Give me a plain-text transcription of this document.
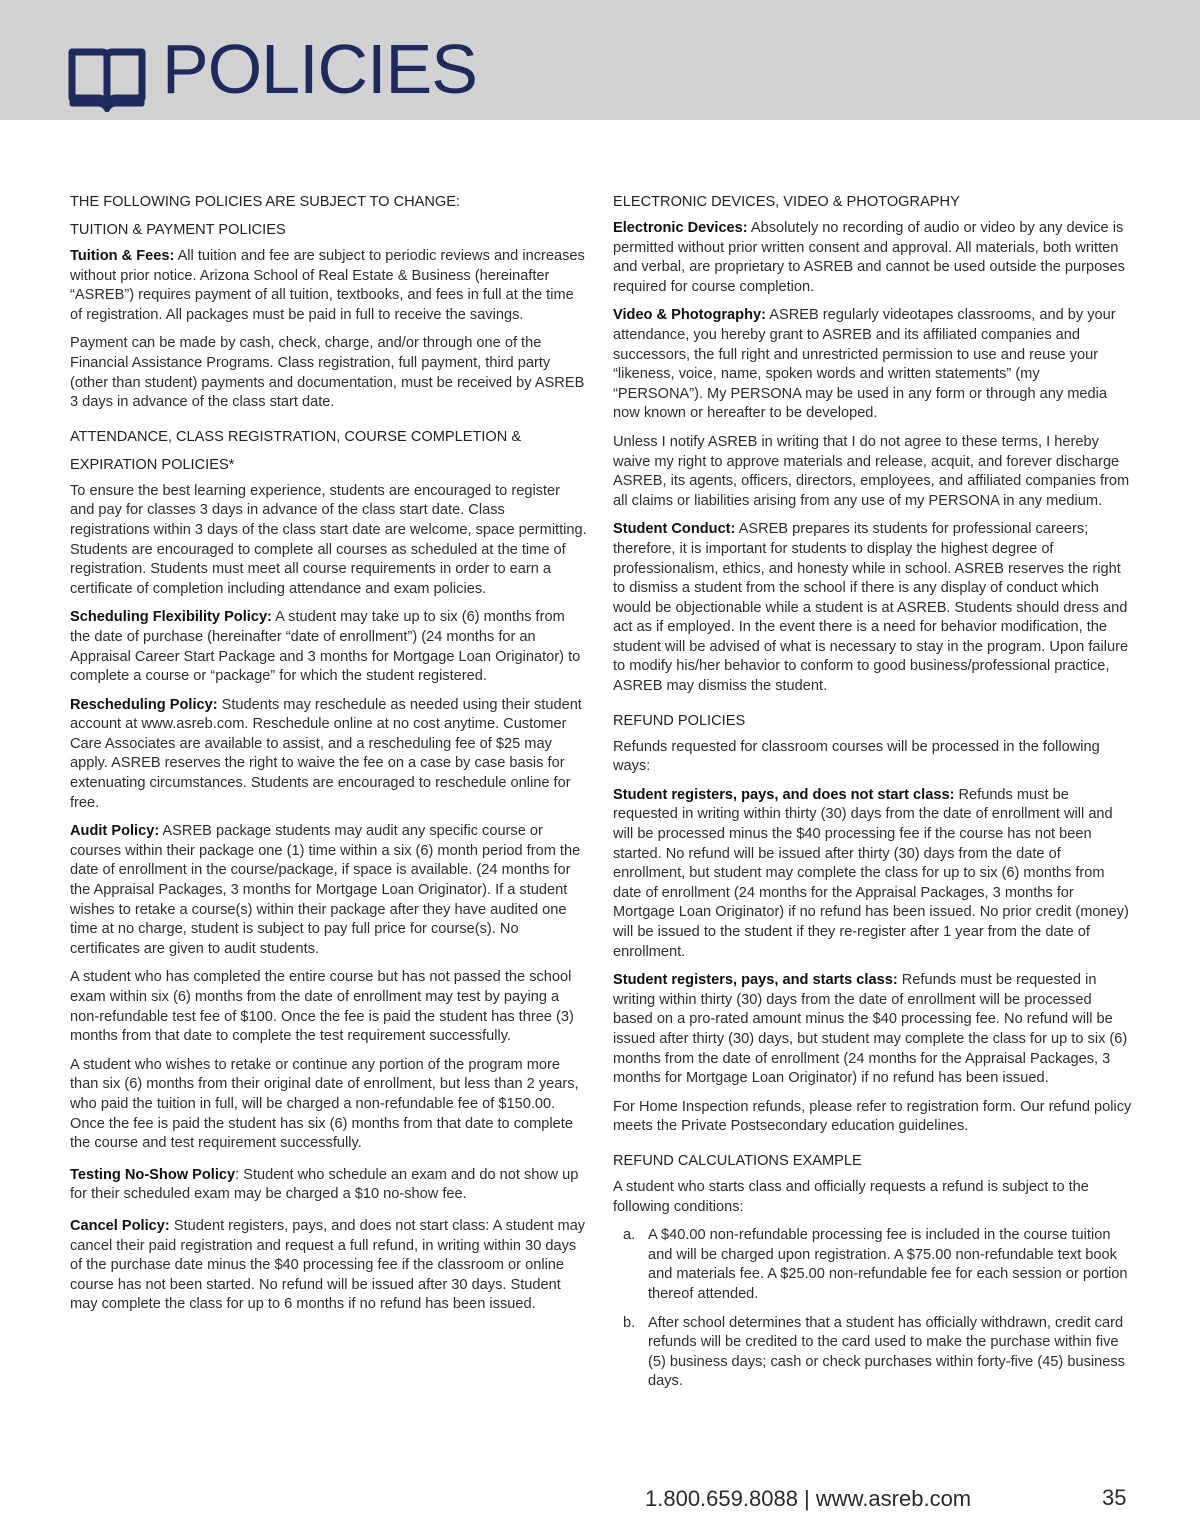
POLICIES
THE FOLLOWING POLICIES ARE SUBJECT TO CHANGE:
TUITION & PAYMENT POLICIES

Tuition & Fees: All tuition and fee are subject to periodic reviews and increases without prior notice. Arizona School of Real Estate & Business (hereinafter “ASREB”) requires payment of all tuition, textbooks, and fees in full at the time of registration. All packages must be paid in full to receive the savings.

Payment can be made by cash, check, charge, and/or through one of the Financial Assistance Programs. Class registration, full payment, third party (other than student) payments and documentation, must be received by ASREB 3 days in advance of the class start date.

ATTENDANCE, CLASS REGISTRATION, COURSE COMPLETION &
EXPIRATION POLICIES*

To ensure the best learning experience, students are encouraged to register and pay for classes 3 days in advance of the class start date. Class registrations within 3 days of the class start date are welcome, space permitting. Students are encouraged to complete all courses as scheduled at the time of registration. Students must meet all course requirements in order to earn a certificate of completion including attendance and exam policies.

Scheduling Flexibility Policy: A student may take up to six (6) months from the date of purchase (hereinafter “date of enrollment”) (24 months for an Appraisal Career Start Package and 3 months for Mortgage Loan Originator) to complete a course or “package” for which the student registered.

Rescheduling Policy: Students may reschedule as needed using their student account at www.asreb.com. Reschedule online at no cost anytime. Customer Care Associates are available to assist, and a rescheduling fee of $25 may apply. ASREB reserves the right to waive the fee on a case by case basis for extenuating circumstances. Students are encouraged to reschedule online for free.

Audit Policy: ASREB package students may audit any specific course or courses within their package one (1) time within a six (6) month period from the date of enrollment in the course/package, if space is available. (24 months for the Appraisal Packages, 3 months for Mortgage Loan Originator). If a student wishes to retake a course(s) within their package after they have audited one time at no charge, student is subject to pay full price for course(s). No certificates are given to audit students.

A student who has completed the entire course but has not passed the school exam within six (6) months from the date of enrollment may test by paying a non-refundable test fee of $100. Once the fee is paid the student has three (3) months from that date to complete the test requirement successfully.

A student who wishes to retake or continue any portion of the program more than six (6) months from their original date of enrollment, but less than 2 years, who paid the tuition in full, will be charged a non-refundable fee of $150.00. Once the fee is paid the student has six (6) months from that date to complete the course and test requirement successfully.

Testing No-Show Policy: Student who schedule an exam and do not show up for their scheduled exam may be charged a $10 no-show fee.

Cancel Policy: Student registers, pays, and does not start class: A student may cancel their paid registration and request a full refund, in writing within 30 days of the purchase date minus the $40 processing fee if the classroom or online course has not been started. No refund will be issued after 30 days. Student may complete the class for up to 6 months if no refund has been issued.

ELECTRONIC DEVICES, VIDEO & PHOTOGRAPHY

Electronic Devices: Absolutely no recording of audio or video by any device is permitted without prior written consent and approval. All materials, both written and verbal, are proprietary to ASREB and cannot be used outside the purposes required for course completion.

Video & Photography: ASREB regularly videotapes classrooms, and by your attendance, you hereby grant to ASREB and its affiliated companies and successors, the full right and unrestricted permission to use and reuse your “likeness, voice, name, spoken words and written statements” (my “PERSONA”). My PERSONA may be used in any form or through any media now known or hereafter to be developed.

Unless I notify ASREB in writing that I do not agree to these terms, I hereby waive my right to approve materials and release, acquit, and forever discharge ASREB, its agents, officers, directors, employees, and affiliated companies from all claims or liabilities arising from any use of my PERSONA in any medium.

Student Conduct: ASREB prepares its students for professional careers; therefore, it is important for students to display the highest degree of professionalism, ethics, and honesty while in school. ASREB reserves the right to dismiss a student from the school if there is any display of conduct which would be objectionable while a student is at ASREB. Students should dress and act as if employed. In the event there is a need for behavior modification, the student will be advised of what is necessary to stay in the program. Upon failure to modify his/her behavior to conform to good business/professional practice, ASREB may dismiss the student.

REFUND POLICIES

Refunds requested for classroom courses will be processed in the following ways:

Student registers, pays, and does not start class: Refunds must be requested in writing within thirty (30) days from the date of enrollment will and will be processed minus the $40 processing fee if the course has not been started. No refund will be issued after thirty (30) days from the date of enrollment, but student may complete the class for up to six (6) months from date of enrollment (24 months for the Appraisal Packages, 3 months for Mortgage Loan Originator) if no refund has been issued. No prior credit (money) will be issued to the student if they re-register after 1 year from the date of enrollment.

Student registers, pays, and starts class: Refunds must be requested in writing within thirty (30) days from the date of enrollment will be processed based on a pro-rated amount minus the $40 processing fee. No refund will be issued after thirty (30) days, but student may complete the class for up to six (6) months from the date of enrollment (24 months for the Appraisal Packages, 3 months for Mortgage Loan Originator) if no refund has been issued.

For Home Inspection refunds, please refer to registration form. Our refund policy meets the Private Postsecondary education guidelines.

REFUND CALCULATIONS EXAMPLE

A student who starts class and officially requests a refund is subject to the following conditions:

a. A $40.00 non-refundable processing fee is included in the course tuition and will be charged upon registration. A $75.00 non-refundable text book and materials fee. A $25.00 non-refundable fee for each session or portion thereof attended.
b. After school determines that a student has officially withdrawn, credit card refunds will be credited to the card used to make the purchase within five (5) business days; cash or check purchases within forty-five (45) business days.
1.800.659.8088 | www.asreb.com	35
